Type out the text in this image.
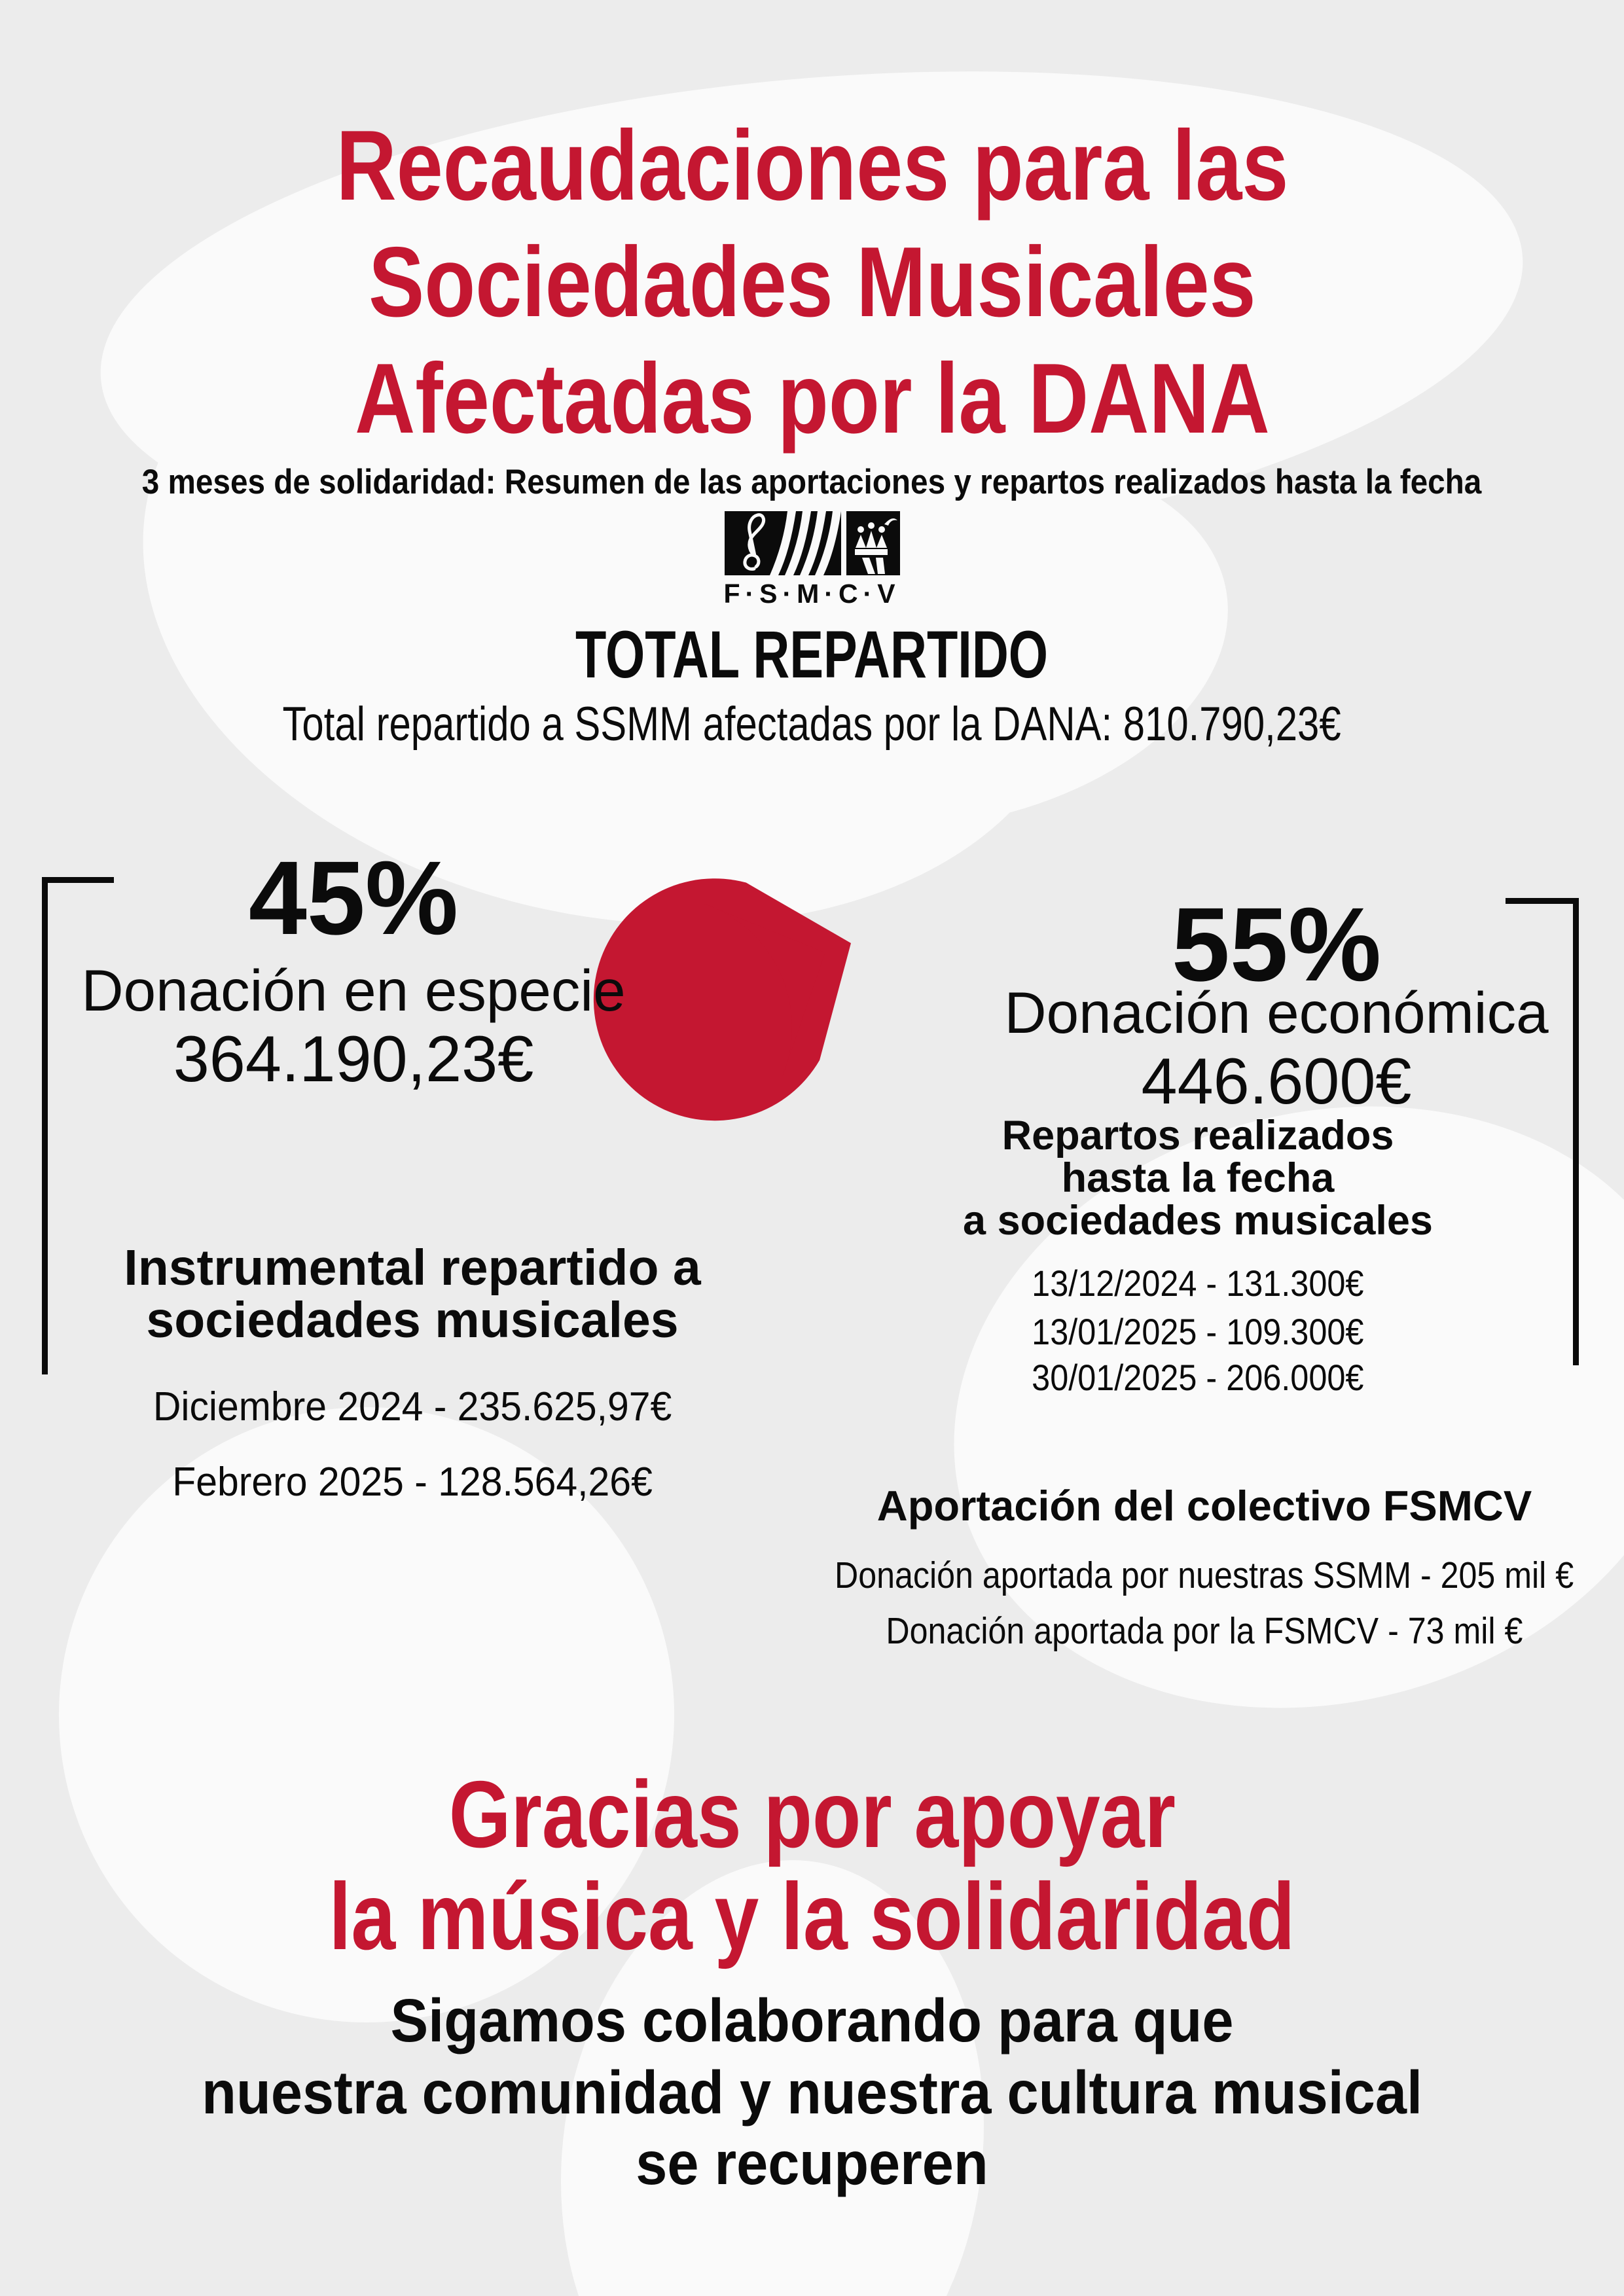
Recaudaciones para las
Sociedades Musicales
Afectadas por la DANA
3 meses de solidaridad: Resumen de las aportaciones y repartos realizados hasta la fecha
F·S·M·C·V
TOTAL REPARTIDO
Total repartido a SSMM afectadas por la DANA: 810.790,23€
45%
Donación en especie
364.190,23€
55%
Donación económica
446.600€
Repartos realizados
hasta la fecha
a sociedades musicales
13/12/2024 - 131.300€
13/01/2025 - 109.300€
30/01/2025 - 206.000€
Instrumental repartido a
sociedades musicales
Diciembre 2024 - 235.625,97€
Febrero 2025 - 128.564,26€	Aportación del colectivo FSMCV
Donación aportada por nuestras SSMM - 205 mil €
Donación aportada por la FSMCV - 73 mil €
Gracias por apoyar
la música y la solidaridad
Sigamos colaborando para que
nuestra comunidad y nuestra cultura musical
se recuperen
